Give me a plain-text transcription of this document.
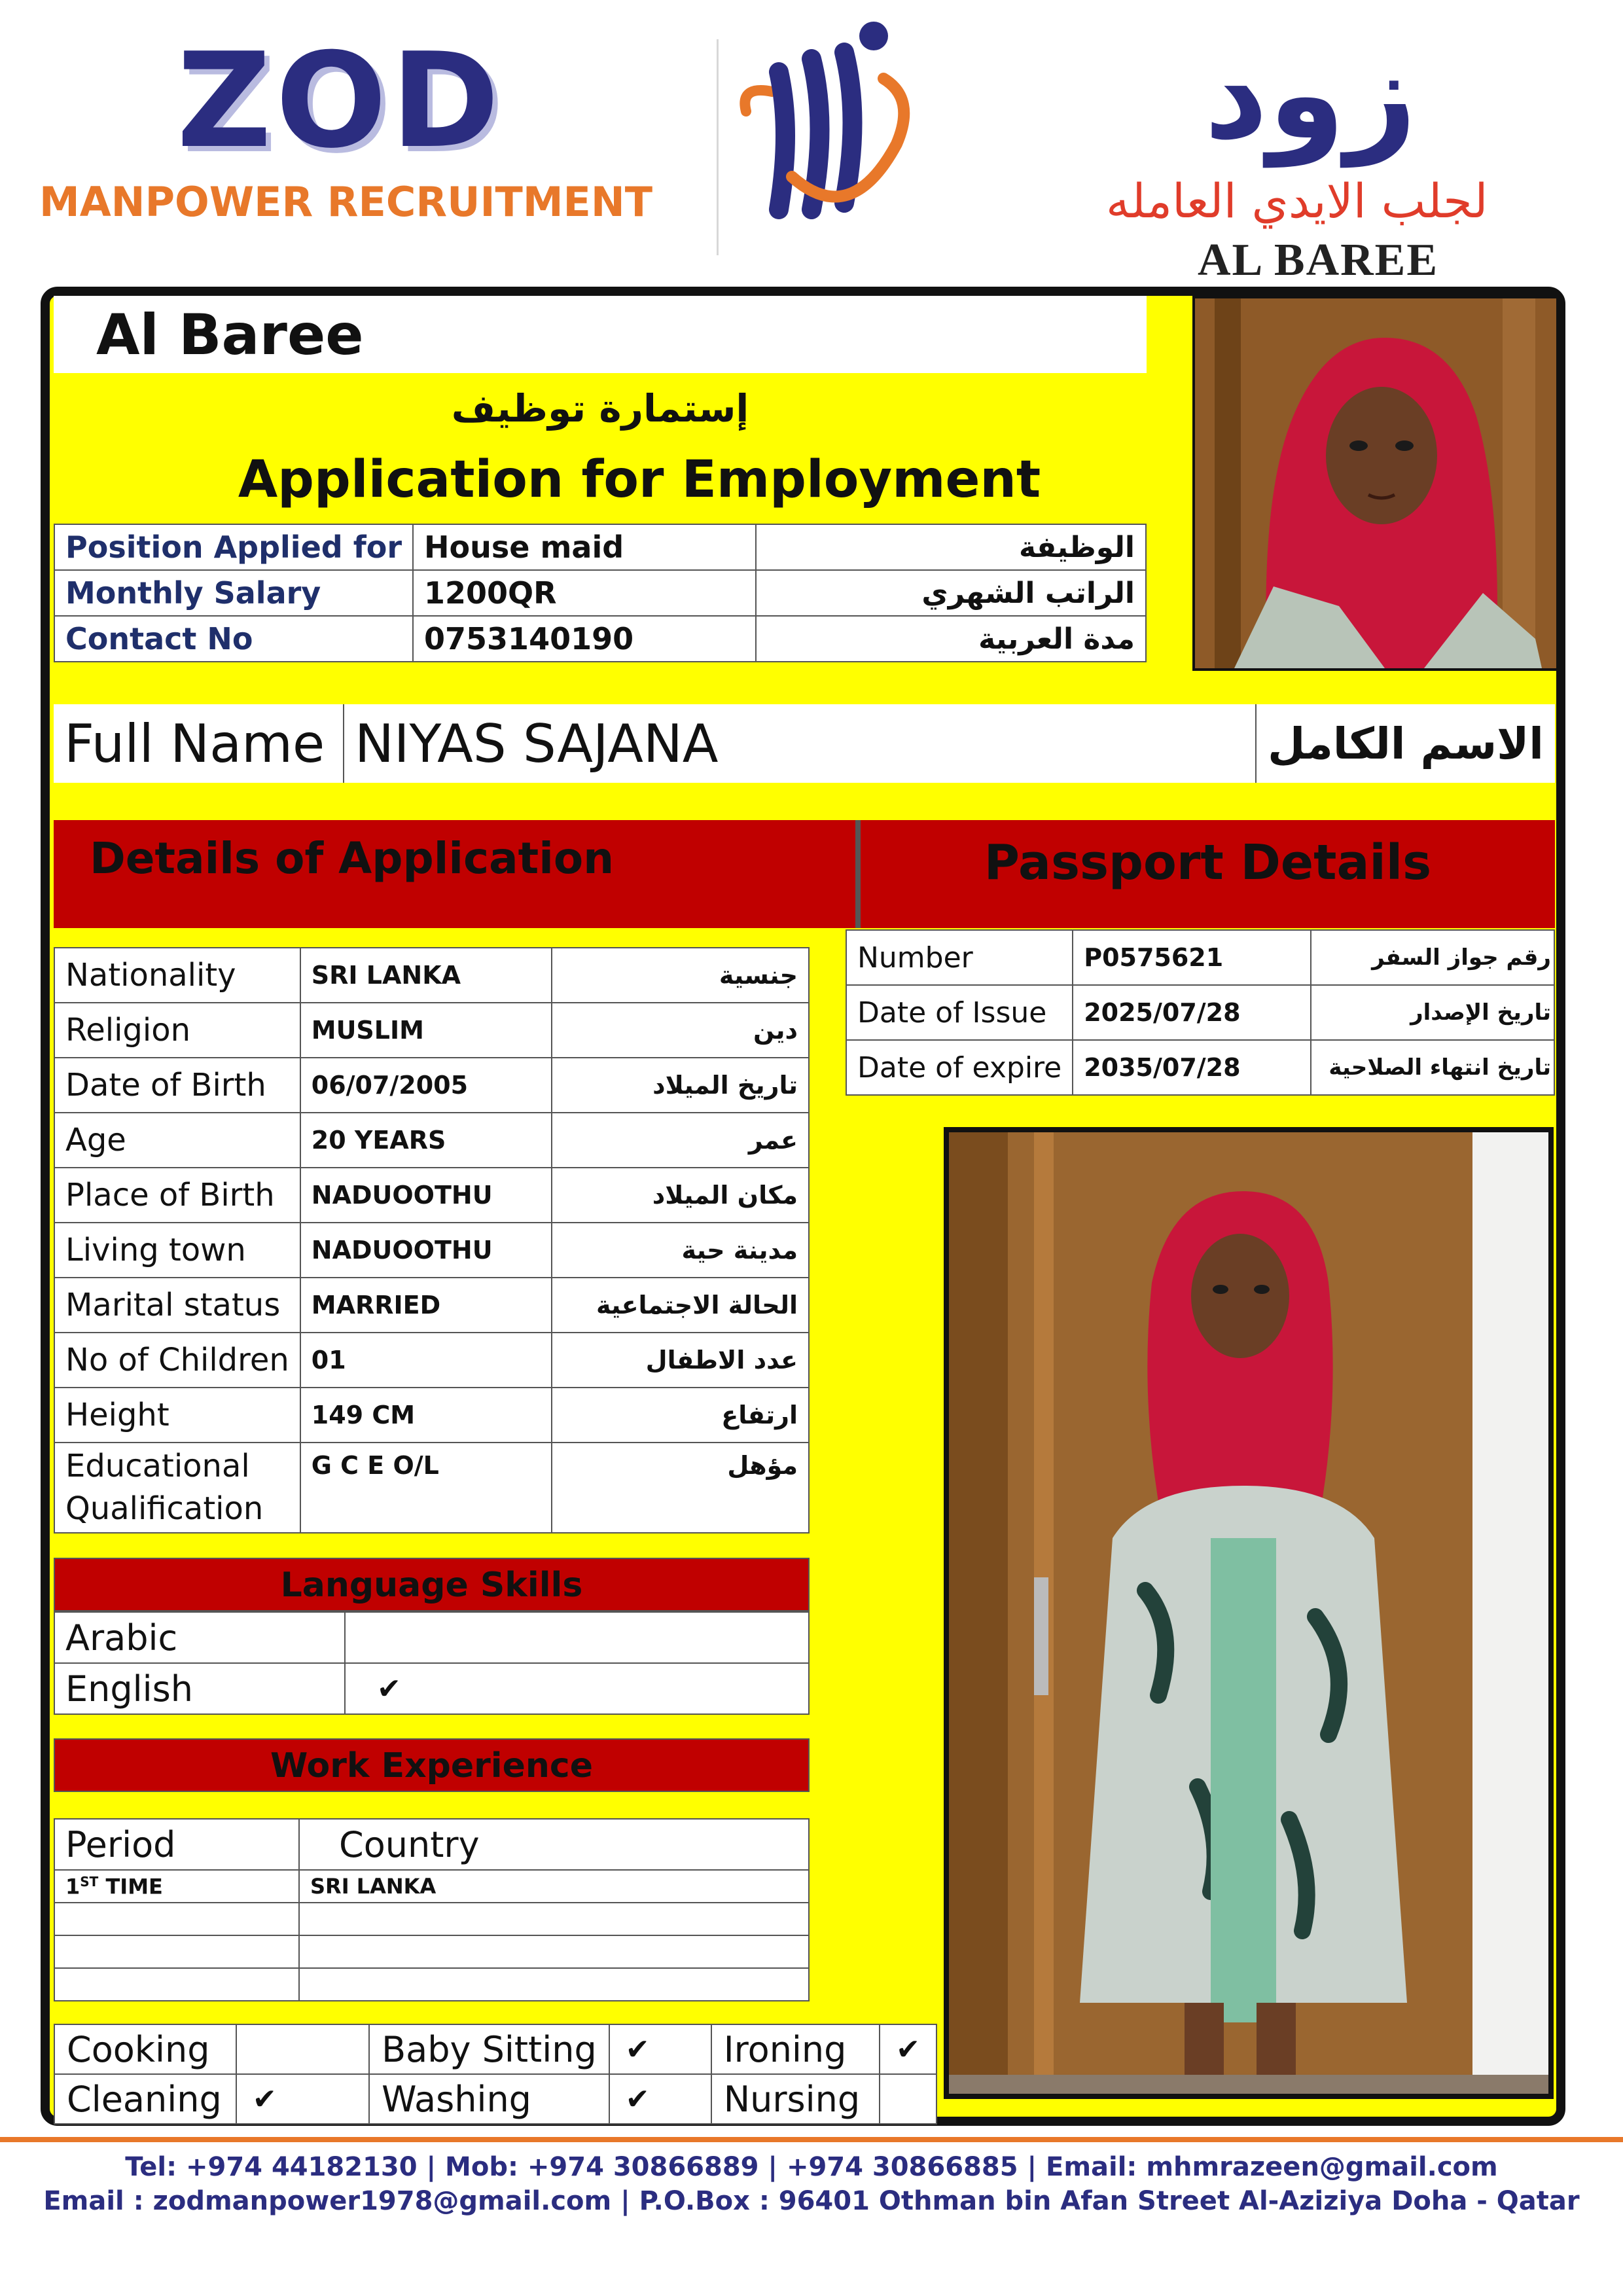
ZOD
MANPOWER RECRUITMENT
زود
لجلب الايدي العامله
AL BAREE
Al Baree
إستمارة توظيف
Application for Employment
Position Applied for	House maid	الوظيفة
Monthly Salary	1200QR	الراتب الشهري
Contact No	0753140190	مدة العربية
Full Name	NIYAS SAJANA	الاسم الكامل
Details of Application	Passport Details
Nationality	SRI LANKA	جنسية
Religion	MUSLIM	دين
Date of Birth	06/07/2005	تاريخ الميلاد
Age	20 YEARS	عمر
Place of Birth	NADUOOTHU	مكان الميلاد
Living town	NADUOOTHU	مدينة حية
Marital status	MARRIED	الحالة الاجتماعية
No of Children	01	عدد الاطفال
Height	149 CM	ارتفاع
Educational Qualification	G C E O/L	مؤهل
Number	P0575621	رقم جواز السفر
Date of Issue	2025/07/28	تاريخ الإصدار
Date of expire	2035/07/28	تاريخ انتهاء الصلاحية
Language Skills
Arabic	
English	✔
Work Experience
Period	Country
1ST TIME	SRI LANKA

Cooking		Baby Sitting	✔	Ironing	✔
Cleaning	✔	Washing	✔	Nursing	
Tel: +974 44182130 | Mob: +974 30866889 | +974 30866885 | Email: mhmrazeen@gmail.com
Email : zodmanpower1978@gmail.com | P.O.Box : 96401 Othman bin Afan Street Al-Aziziya Doha - Qatar
